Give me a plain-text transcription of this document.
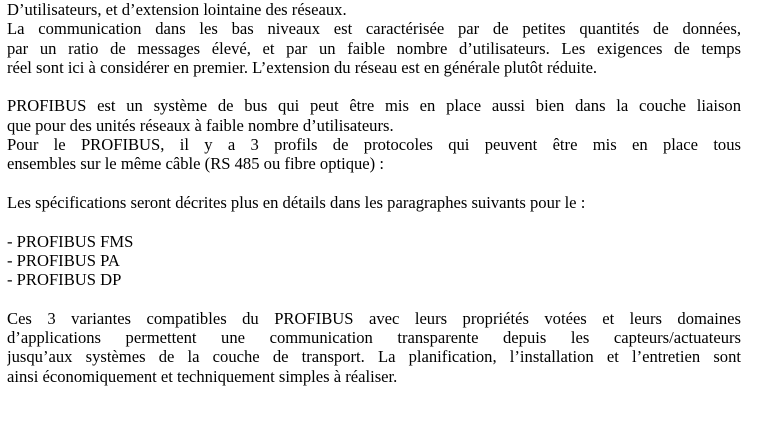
D’utilisateurs, et d’extension lointaine des réseaux.
La communication dans les bas niveaux est caractérisée par de petites quantités de données,
par un ratio de messages élevé, et par un faible nombre d’utilisateurs. Les exigences de temps
réel sont ici à considérer en premier. L’extension du réseau est en générale plutôt réduite.
PROFIBUS est un système de bus qui peut être mis en place aussi bien dans la couche liaison
que pour des unités réseaux à faible nombre d’utilisateurs.
Pour le PROFIBUS, il y a 3 profils de protocoles qui peuvent être mis en place tous
ensembles sur le même câble (RS 485 ou fibre optique) :
Les spécifications seront décrites plus en détails dans les paragraphes suivants pour le :
- PROFIBUS FMS
- PROFIBUS PA
- PROFIBUS DP
Ces 3 variantes compatibles du PROFIBUS avec leurs propriétés votées et leurs domaines
d’applications permettent une communication transparente depuis les capteurs/actuateurs
jusqu’aux systèmes de la couche de transport. La planification, l’installation et l’entretien sont
ainsi économiquement et techniquement simples à réaliser.
